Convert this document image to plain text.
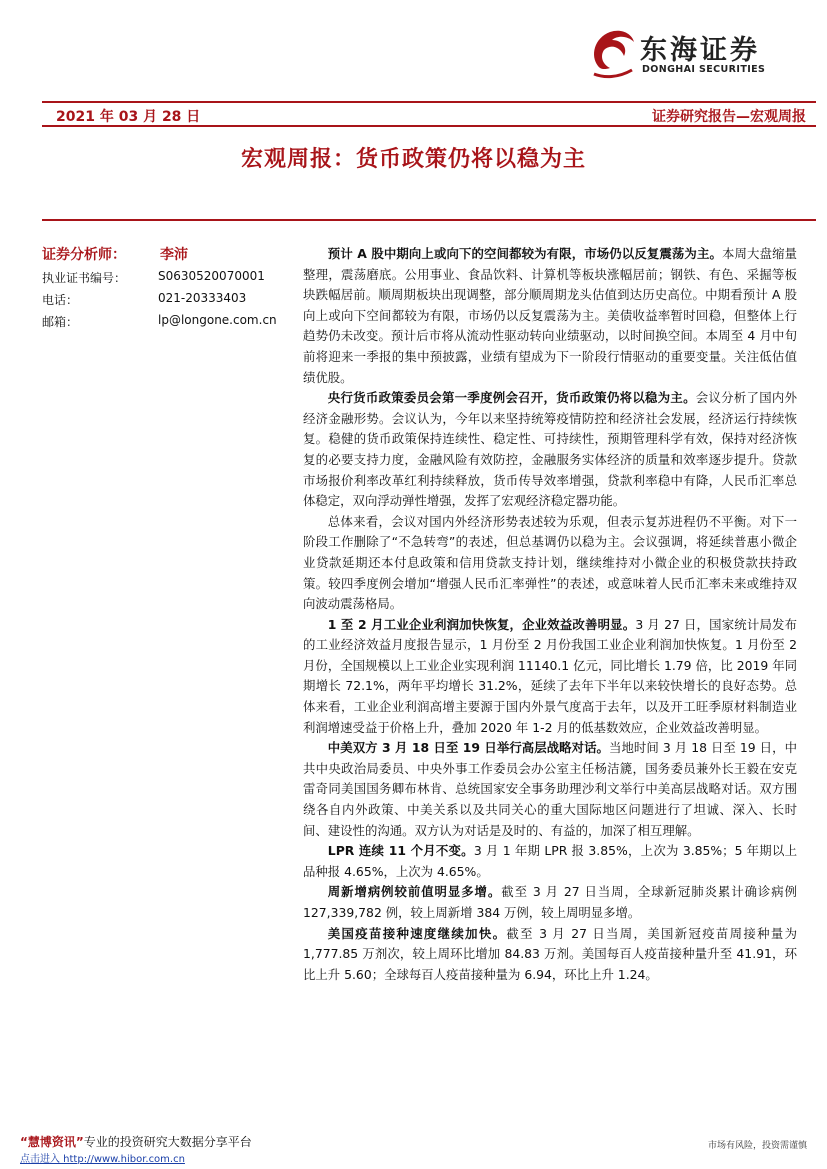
东海证券
DONGHAI SECURITIES
2021 年 03 月 28 日	证券研究报告—宏观周报
宏观周报：货币政策仍将以稳为主
证券分析师： 李沛
执业证书编号：	S0630520070001
电话：	021-20333403
邮箱：	lp@longone.com.cn

预计 A 股中期向上或向下的空间都较为有限，市场仍以反复震荡为主。本周大盘缩量整理，震荡磨底。公用事业、食品饮料、计算机等板块涨幅居前；钢铁、有色、采掘等板块跌幅居前。顺周期板块出现调整，部分顺周期龙头估值到达历史高位。中期看预计 A 股向上或向下空间都较为有限，市场仍以反复震荡为主。美债收益率暂时回稳，但整体上行趋势仍未改变。预计后市将从流动性驱动转向业绩驱动，以时间换空间。本周至 4 月中旬前将迎来一季报的集中预披露，业绩有望成为下一阶段行情驱动的重要变量。关注低估值绩优股。

央行货币政策委员会第一季度例会召开，货币政策仍将以稳为主。会议分析了国内外经济金融形势。会议认为，今年以来坚持统筹疫情防控和经济社会发展，经济运行持续恢复。稳健的货币政策保持连续性、稳定性、可持续性，预期管理科学有效，保持对经济恢复的必要支持力度，金融风险有效防控，金融服务实体经济的质量和效率逐步提升。贷款市场报价利率改革红利持续释放，货币传导效率增强，贷款利率稳中有降，人民币汇率总体稳定，双向浮动弹性增强，发挥了宏观经济稳定器功能。

总体来看，会议对国内外经济形势表述较为乐观，但表示复苏进程仍不平衡。对下一阶段工作删除了“不急转弯”的表述，但总基调仍以稳为主。会议强调，将延续普惠小微企业贷款延期还本付息政策和信用贷款支持计划，继续维持对小微企业的积极贷款扶持政策。较四季度例会增加“增强人民币汇率弹性”的表述，或意味着人民币汇率未来或维持双向波动震荡格局。

1 至 2 月工业企业利润加快恢复，企业效益改善明显。3 月 27 日，国家统计局发布的工业经济效益月度报告显示，1 月份至 2 月份我国工业企业利润加快恢复。1 月份至 2 月份，全国规模以上工业企业实现利润 11140.1 亿元，同比增长 1.79 倍，比 2019 年同期增长 72.1%，两年平均增长 31.2%，延续了去年下半年以来较快增长的良好态势。总体来看，工业企业利润高增主要源于国内外景气度高于去年，以及开工旺季原材料制造业利润增速受益于价格上升，叠加 2020 年 1-2 月的低基数效应，企业效益改善明显。

中美双方 3 月 18 日至 19 日举行高层战略对话。当地时间 3 月 18 日至 19 日，中共中央政治局委员、中央外事工作委员会办公室主任杨洁篪，国务委员兼外长王毅在安克雷奇同美国国务卿布林肯、总统国家安全事务助理沙利文举行中美高层战略对话。双方围绕各自内外政策、中美关系以及共同关心的重大国际地区问题进行了坦诚、深入、长时间、建设性的沟通。双方认为对话是及时的、有益的，加深了相互理解。

LPR 连续 11 个月不变。3 月 1 年期 LPR 报 3.85%，上次为 3.85%；5 年期以上品种报 4.65%，上次为 4.65%。

周新增病例较前值明显多增。截至 3 月 27 日当周，全球新冠肺炎累计确诊病例 127,339,782 例，较上周新增 384 万例，较上周明显多增。

美国疫苗接种速度继续加快。截至 3 月 27 日当周，美国新冠疫苗周接种量为 1,777.85 万剂次，较上周环比增加 84.83 万剂。美国每百人疫苗接种量升至 41.91，环比上升 5.60；全球每百人疫苗接种量为 6.94，环比上升 1.24。

“慧博资讯”专业的投资研究大数据分享平台
点击进入 http://www.hibor.com.cn
市场有风险，投资需谨慎
